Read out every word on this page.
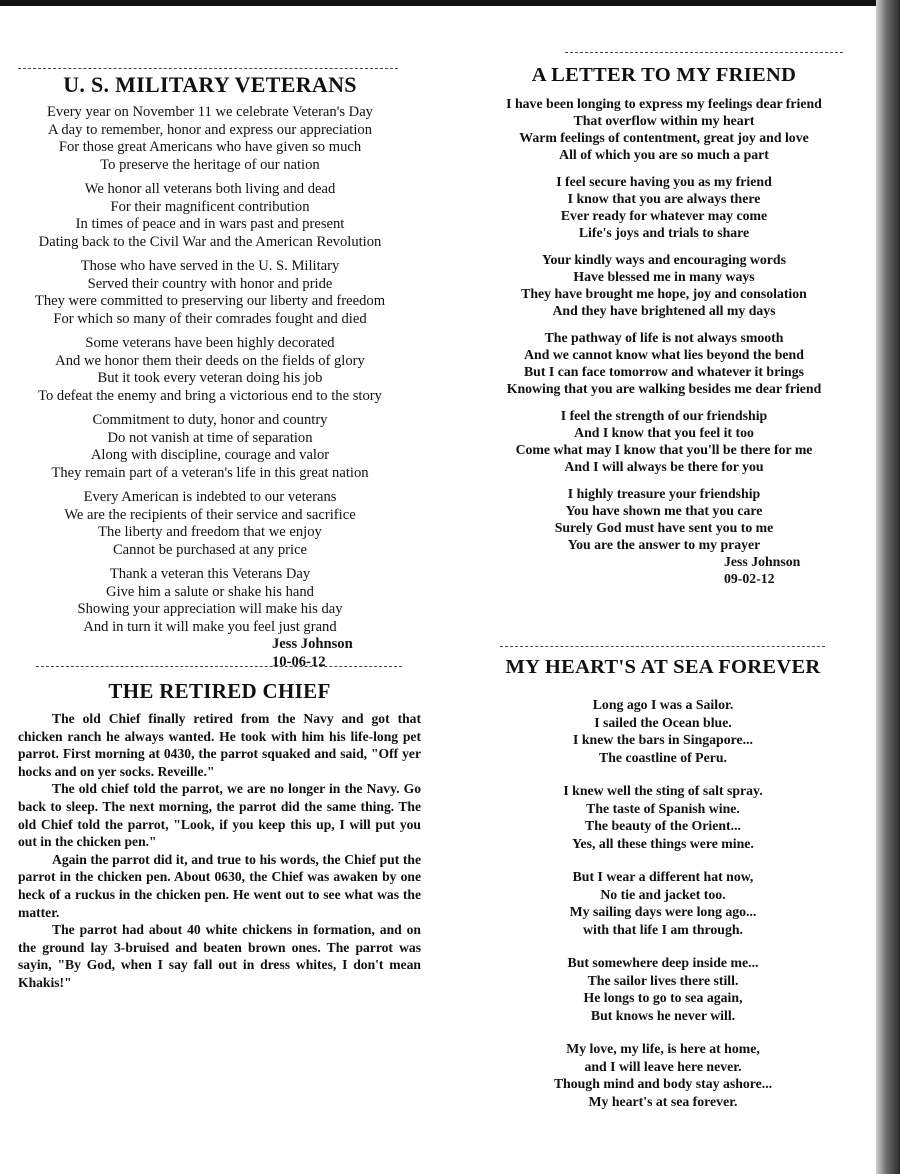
U. S. MILITARY VETERANS
Every year on November 11 we celebrate Veteran's Day
A day to remember, honor and express our appreciation
For those great Americans who have given so much
To preserve the heritage of our nation
We honor all veterans both living and dead
For their magnificent contribution
In times of peace and in wars past and present
Dating back to the Civil War and the American Revolution
Those who have served in the U. S. Military
Served their country with honor and pride
They were committed to preserving our liberty and freedom
For which so many of their comrades fought and died
Some veterans have been highly decorated
And we honor them their deeds on the fields of glory
But it took every veteran doing his job
To defeat the enemy and bring a victorious end to the story
Commitment to duty, honor and country
Do not vanish at time of separation
Along with discipline, courage and valor
They remain part of a veteran's life in this great nation
Every American is indebted to our veterans
We are the recipients of their service and sacrifice
The liberty and freedom that we enjoy
Cannot be purchased at any price
Thank a veteran this Veterans Day
Give him a salute or shake his hand
Showing your appreciation will make his day
And in turn it will make you feel just grand
Jess Johnson
10-06-12
THE RETIRED CHIEF

The old Chief finally retired from the Navy and got that chicken ranch he always wanted. He took with him his life-long pet parrot. First morning at 0430, the parrot squaked and said, "Off yer hocks and on yer socks. Reveille."

The old chief told the parrot, we are no longer in the Navy. Go back to sleep. The next morning, the parrot did the same thing. The old Chief told the parrot, "Look, if you keep this up, I will put you out in the chicken pen."

Again the parrot did it, and true to his words, the Chief put the parrot in the chicken pen. About 0630, the Chief was awaken by one heck of a ruckus in the chicken pen. He went out to see what was the matter.

The parrot had about 40 white chickens in formation, and on the ground lay 3-bruised and beaten brown ones. The parrot was sayin, "By God, when I say fall out in dress whites, I don't mean Khakis!"

A LETTER TO MY FRIEND
I have been longing to express my feelings dear friend
That overflow within my heart
Warm feelings of contentment, great joy and love
All of which you are so much a part
I feel secure having you as my friend
I know that you are always there
Ever ready for whatever may come
Life's joys and trials to share
Your kindly ways and encouraging words
Have blessed me in many ways
They have brought me hope, joy and consolation
And they have brightened all my days
The pathway of life is not always smooth
And we cannot know what lies beyond the bend
But I can face tomorrow and whatever it brings
Knowing that you are walking besides me dear friend
I feel the strength of our friendship
And I know that you feel it too
Come what may I know that you'll be there for me
And I will always be there for you
I highly treasure your friendship
You have shown me that you care
Surely God must have sent you to me
You are the answer to my prayer
Jess Johnson
09-02-12
MY HEART'S AT SEA FOREVER
Long ago I was a Sailor.
I sailed the Ocean blue.
I knew the bars in Singapore...
The coastline of Peru.
I knew well the sting of salt spray.
The taste of Spanish wine.
The beauty of the Orient...
Yes, all these things were mine.
But I wear a different hat now,
No tie and jacket too.
My sailing days were long ago...
with that life I am through.
But somewhere deep inside me...
The sailor lives there still.
He longs to go to sea again,
But knows he never will.
My love, my life, is here at home,
and I will leave here never.
Though mind and body stay ashore...
My heart's at sea forever.
